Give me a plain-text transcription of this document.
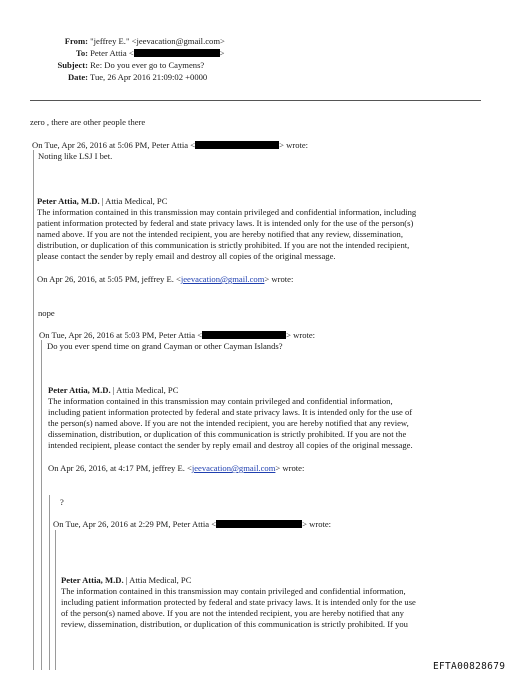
From: "jeffrey E." <jeevacation@gmail.com>
To: Peter Attia <	>
Subject: Re: Do you ever go to Caymens?
Date: Tue, 26 Apr 2016 21:09:02 +0000
zero , there are other people there
On Tue, Apr 26, 2016 at 5:06 PM, Peter Attia <	> wrote:
Noting like LSJ I bet.
Peter Attia, M.D. | Attia Medical, PC
The information contained in this transmission may contain privileged and confidential information, including
patient information protected by federal and state privacy laws. It is intended only for the use of the person(s)
named above. If you are not the intended recipient, you are hereby notified that any review, dissemination,
distribution, or duplication of this communication is strictly prohibited. If you are not the intended recipient,
please contact the sender by reply email and destroy all copies of the original message.
On Apr 26, 2016, at 5:05 PM, jeffrey E. <jeevacation@gmail.com> wrote:
nope
On Tue, Apr 26, 2016 at 5:03 PM, Peter Attia <	> wrote:
Do you ever spend time on grand Cayman or other Cayman Islands?
Peter Attia, M.D. | Attia Medical, PC
The information contained in this transmission may contain privileged and confidential information,
including patient information protected by federal and state privacy laws. It is intended only for the use of
the person(s) named above. If you are not the intended recipient, you are hereby notified that any review,
dissemination, distribution, or duplication of this communication is strictly prohibited. If you are not the
intended recipient, please contact the sender by reply email and destroy all copies of the original message.
On Apr 26, 2016, at 4:17 PM, jeffrey E. <jeevacation@gmail.com> wrote:
?
On Tue, Apr 26, 2016 at 2:29 PM, Peter Attia <	> wrote:
Peter Attia, M.D. | Attia Medical, PC
The information contained in this transmission may contain privileged and confidential information,
including patient information protected by federal and state privacy laws. It is intended only for the use
of the person(s) named above. If you are not the intended recipient, you are hereby notified that any
review, dissemination, distribution, or duplication of this communication is strictly prohibited. If you
EFTA00828679
